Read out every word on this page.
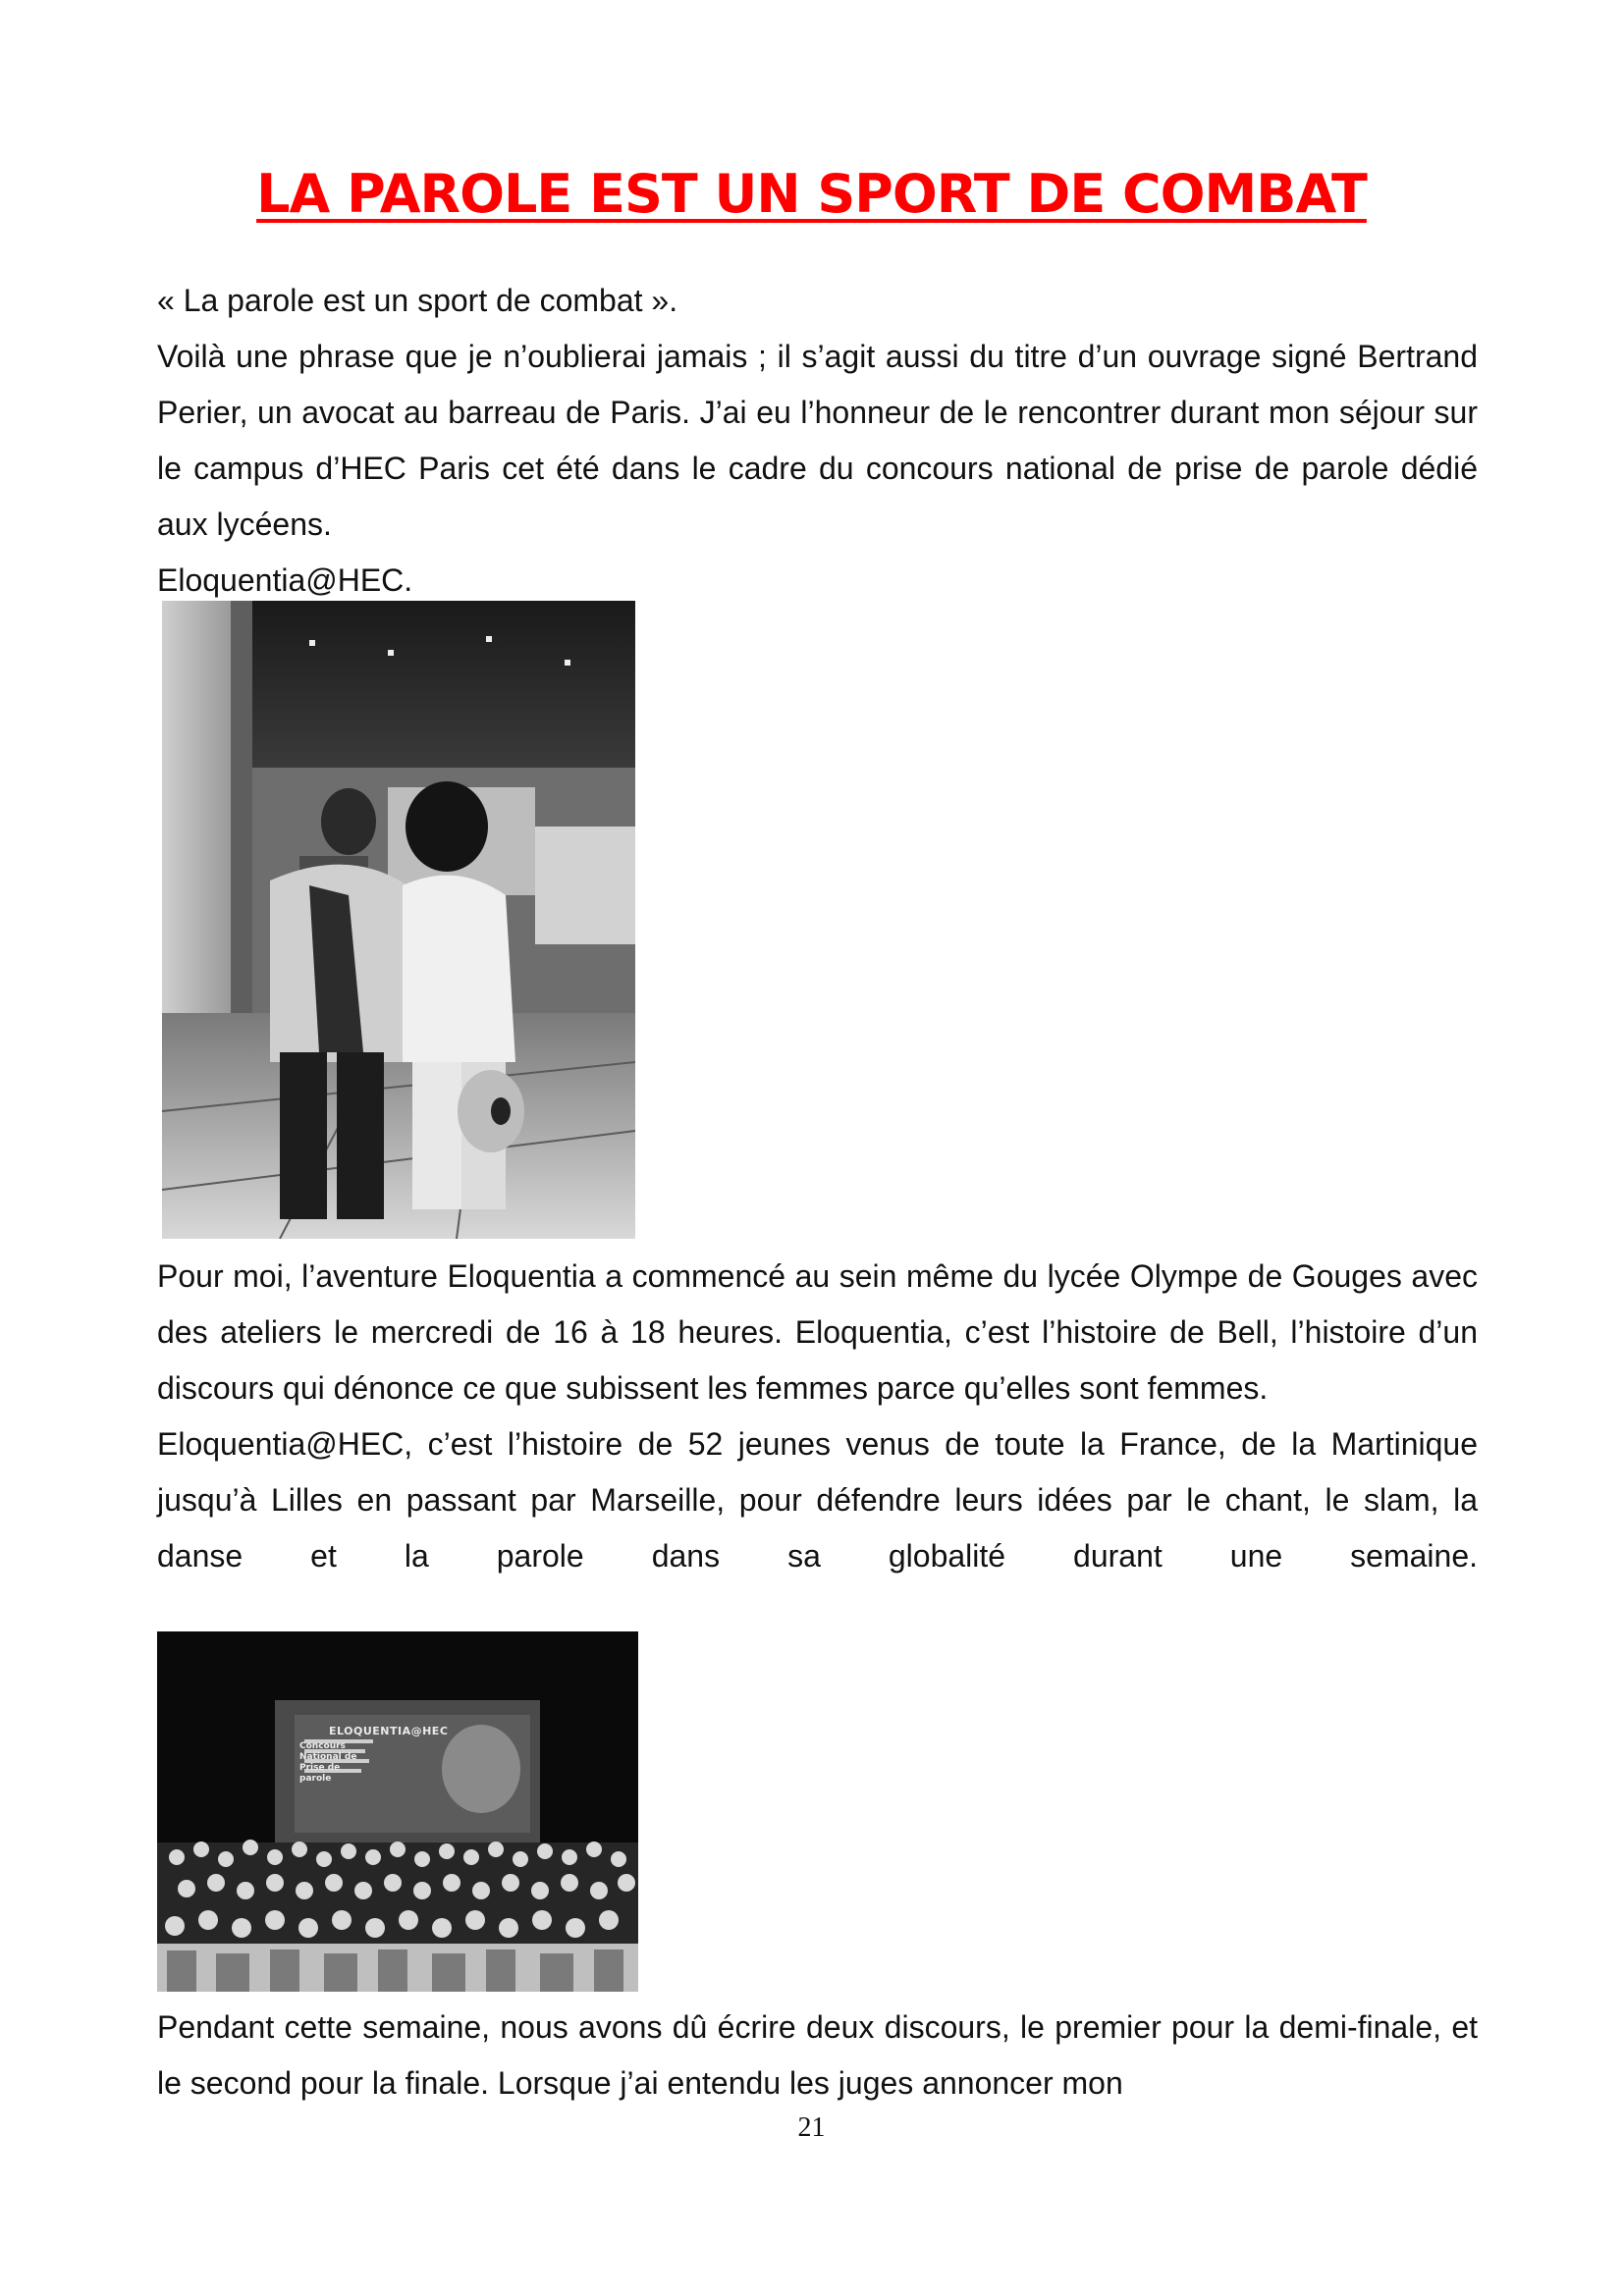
LA PAROLE EST UN SPORT DE COMBAT

« La parole est un sport de combat ».

Voilà une phrase que je n’oublierai jamais ; il s’agit aussi du titre d’un ouvrage signé Bertrand Perier, un avocat au barreau de Paris. J’ai eu l’honneur de le rencontrer durant mon séjour sur le campus d’HEC Paris cet été dans le cadre du concours national de prise de parole dédié aux lycéens.

Eloquentia@HEC.

Pour moi, l’aventure Eloquentia a commencé au sein même du lycée Olympe de Gouges avec des ateliers le mercredi de 16 à 18 heures. Eloquentia, c’est l’histoire de Bell, l’histoire d’un discours qui dénonce ce que subissent les femmes parce qu’elles sont femmes.

Eloquentia@HEC, c’est l’histoire de 52 jeunes venus de toute la France, de la Martinique jusqu’à Lilles en passant par Marseille, pour défendre leurs idées par le chant, le slam, la danse et la parole dans sa globalité durant une semaine.

ELOQUENTIA@HEC
Concours National de Prise de parole

Pendant cette semaine, nous avons dû écrire deux discours, le premier pour la demi-finale, et le second pour la finale. Lorsque j’ai entendu les juges annoncer mon

21
